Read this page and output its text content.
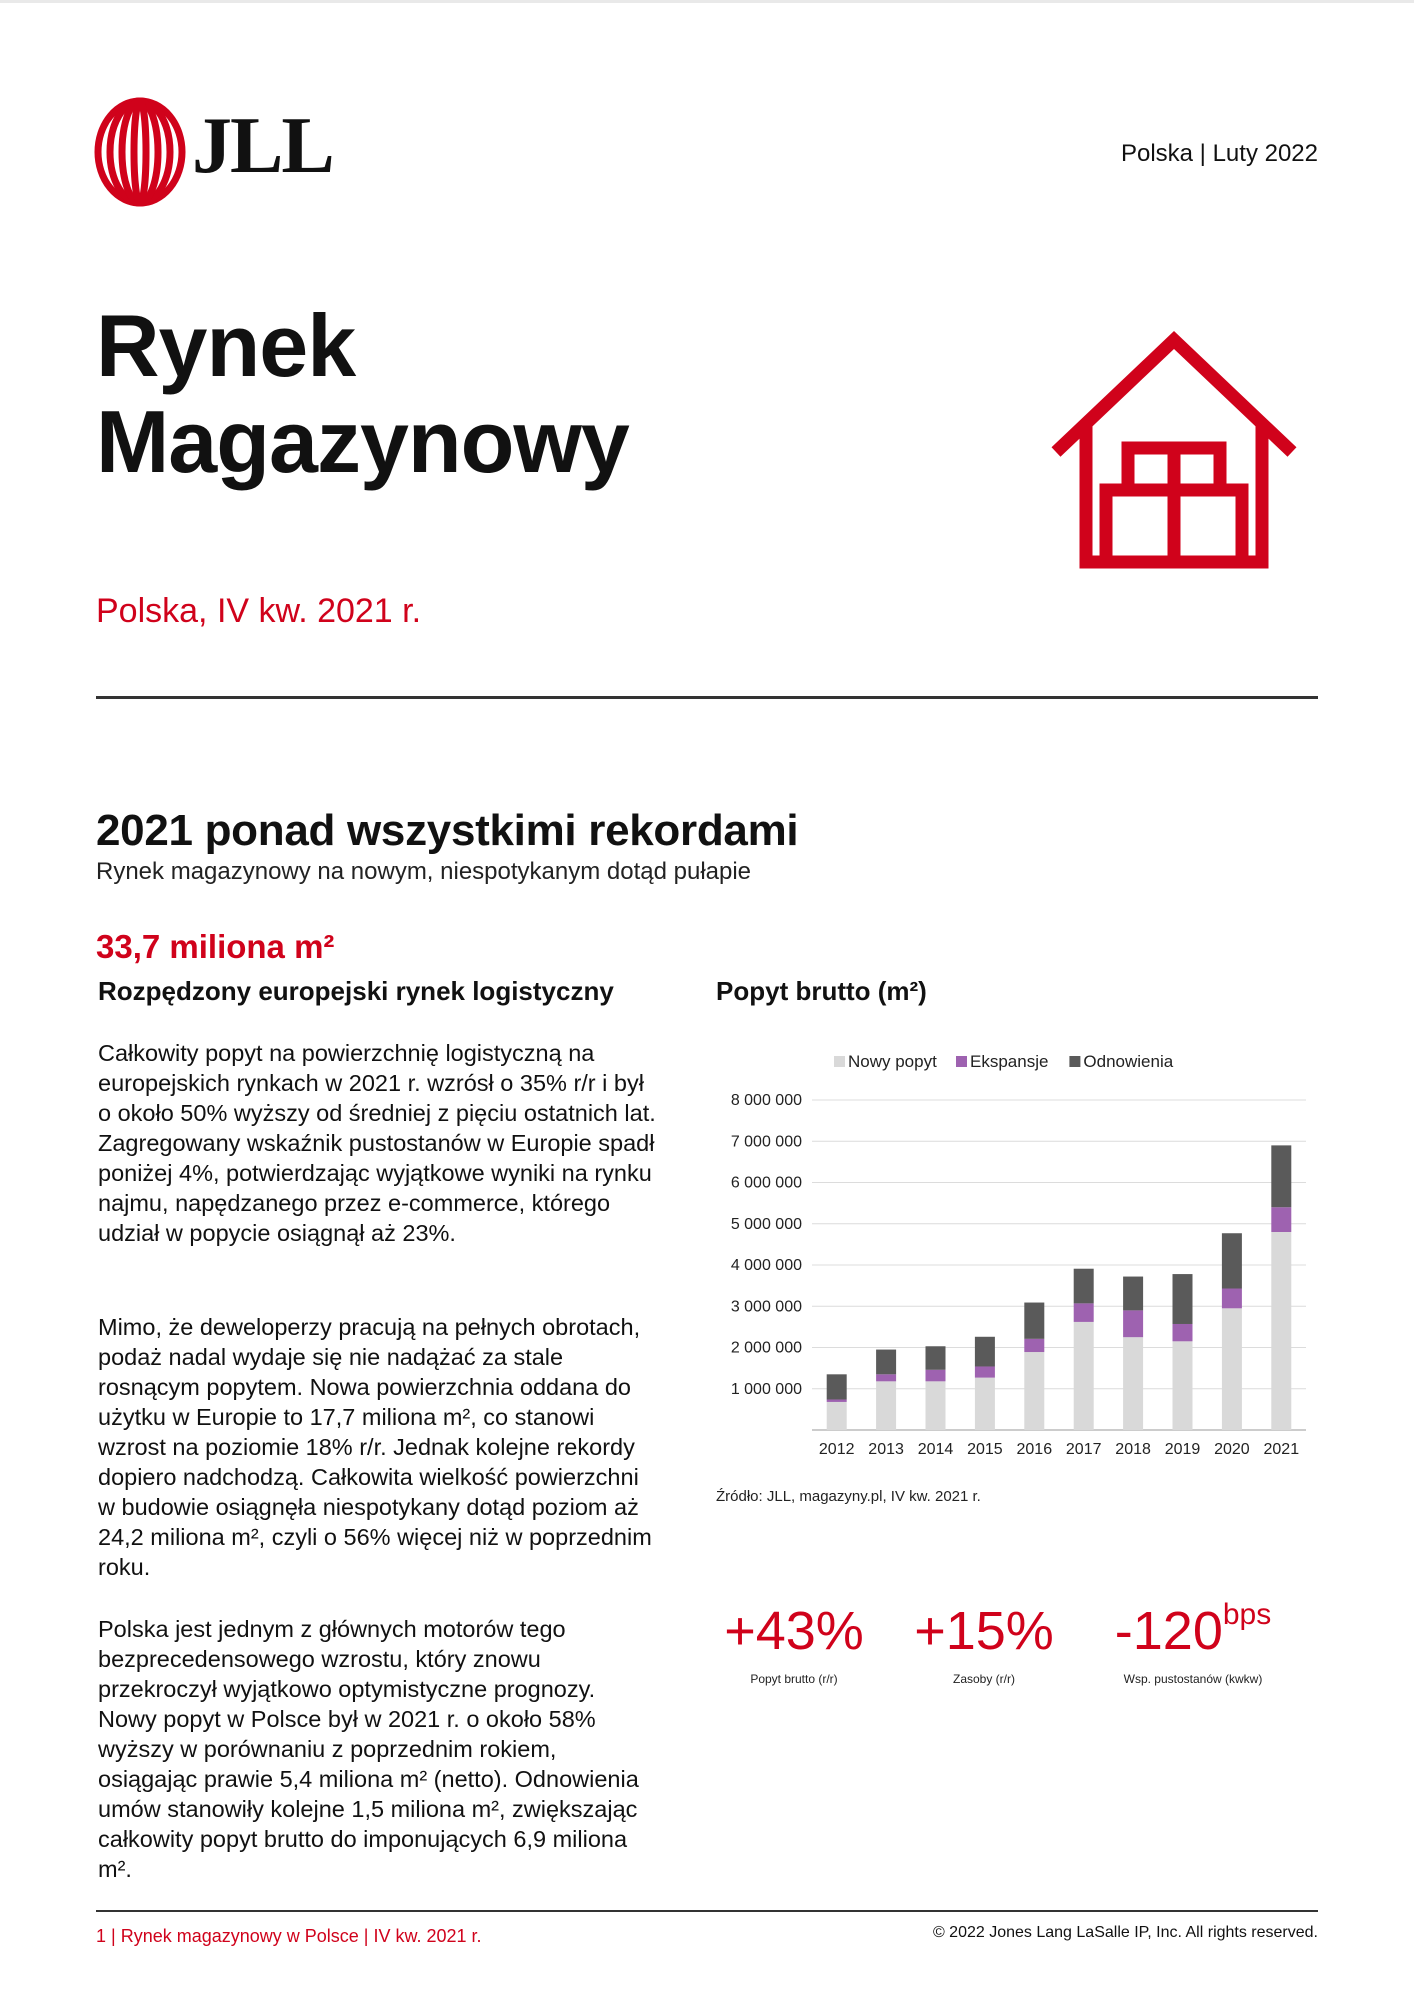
JLL	Polska | Luty 2022
Rynek
Magazynowy
Polska, IV kw. 2021 r.
2021 ponad wszystkimi rekordami
Rynek magazynowy na nowym, niespotykanym dotąd pułapie
33,7 miliona m²
Rozpędzony europejski rynek logistyczny
Całkowity popyt na powierzchnię logistyczną na europejskich rynkach w 2021 r. wzrósł o 35% r/r i był o około 50% wyższy od średniej z pięciu ostatnich lat. Zagregowany wskaźnik pustostanów w Europie spadł poniżej 4%, potwierdzając wyjątkowe wyniki na rynku najmu, napędzanego przez e-commerce, którego udział w popycie osiągnął aż 23%.
Mimo, że deweloperzy pracują na pełnych obrotach, podaż nadal wydaje się nie nadążać za stale rosnącym popytem. Nowa powierzchnia oddana do użytku w Europie to 17,7 miliona m², co stanowi wzrost na poziomie 18% r/r. Jednak kolejne rekordy dopiero nadchodzą. Całkowita wielkość powierzchni w budowie osiągnęła niespotykany dotąd poziom aż 24,2 miliona m², czyli o 56% więcej niż w poprzednim roku.
Polska jest jednym z głównych motorów tego bezprecedensowego wzrostu, który znowu przekroczył wyjątkowo optymistyczne prognozy. Nowy popyt w Polsce był w 2021 r. o około 58% wyższy w porównaniu z poprzednim rokiem, osiągając prawie 5,4 miliona m² (netto). Odnowienia umów stanowiły kolejne 1,5 miliona m², zwiększając całkowity popyt brutto do imponujących 6,9 miliona m².
Popyt brutto (m²)
1 000 000
2 000 000
3 000 000
4 000 000
5 000 000
6 000 000
7 000 000
8 000 000
Nowy popyt Ekspansje Odnowienia
2012 2013 2014 2015 2016 2017 2018 2019 2020 2021
Źródło: JLL, magazyny.pl, IV kw. 2021 r.
+43%
Popyt brutto (r/r)
+15%
Zasoby (r/r)
$-120^{bps}$
Wsp. pustostanów (kwkw)
1 | Rynek magazynowy w Polsce | IV kw. 2021 r.	© 2022 Jones Lang LaSalle IP, Inc. All rights reserved.
